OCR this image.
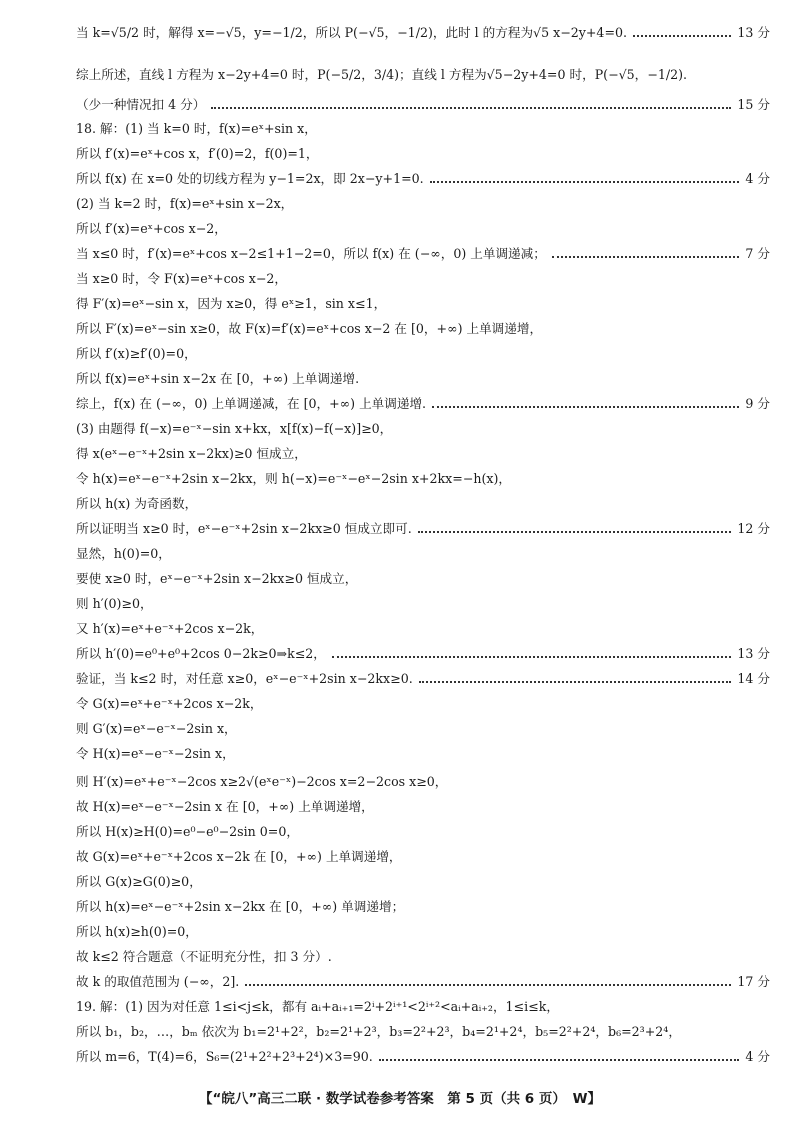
当 k=√5/2 时，解得 x=−√5，y=−1/2，所以 P(−√5，−1/2)，此时 l 的方程为√5 x−2y+4=0.	13 分
综上所述，直线 l 方程为 x−2y+4=0 时，P(−5/2，3/4)；直线 l 方程为√5−2y+4=0 时，P(−√5，−1/2).
（少一种情况扣 4 分）	15 分
18. 解：(1) 当 k=0 时，f(x)=eˣ+sin x，
所以 f′(x)=eˣ+cos x，f′(0)=2，f(0)=1，
所以 f(x) 在 x=0 处的切线方程为 y−1=2x，即 2x−y+1=0.	4 分
(2) 当 k=2 时，f(x)=eˣ+sin x−2x，
所以 f′(x)=eˣ+cos x−2，
当 x≤0 时，f′(x)=eˣ+cos x−2≤1+1−2=0，所以 f(x) 在 (−∞，0) 上单调递减；	7 分
当 x≥0 时，令 F(x)=eˣ+cos x−2，
得 F′(x)=eˣ−sin x，因为 x≥0，得 eˣ≥1，sin x≤1，
所以 F′(x)=eˣ−sin x≥0，故 F(x)=f′(x)=eˣ+cos x−2 在 [0，+∞) 上单调递增，
所以 f′(x)≥f′(0)=0，
所以 f(x)=eˣ+sin x−2x 在 [0，+∞) 上单调递增.
综上，f(x) 在 (−∞，0) 上单调递减，在 [0，+∞) 上单调递增.	9 分
(3) 由题得 f(−x)=e⁻ˣ−sin x+kx，x[f(x)−f(−x)]≥0，
得 x(eˣ−e⁻ˣ+2sin x−2kx)≥0 恒成立，
令 h(x)=eˣ−e⁻ˣ+2sin x−2kx，则 h(−x)=e⁻ˣ−eˣ−2sin x+2kx=−h(x)，
所以 h(x) 为奇函数，
所以证明当 x≥0 时，eˣ−e⁻ˣ+2sin x−2kx≥0 恒成立即可.	12 分
显然，h(0)=0，
要使 x≥0 时，eˣ−e⁻ˣ+2sin x−2kx≥0 恒成立，
则 h′(0)≥0，
又 h′(x)=eˣ+e⁻ˣ+2cos x−2k，
所以 h′(0)=e⁰+e⁰+2cos 0−2k≥0⇒k≤2，	13 分
验证，当 k≤2 时，对任意 x≥0，eˣ−e⁻ˣ+2sin x−2kx≥0.	14 分
令 G(x)=eˣ+e⁻ˣ+2cos x−2k，
则 G′(x)=eˣ−e⁻ˣ−2sin x，
令 H(x)=eˣ−e⁻ˣ−2sin x，
则 H′(x)=eˣ+e⁻ˣ−2cos x≥2√(eˣe⁻ˣ)−2cos x=2−2cos x≥0，
故 H(x)=eˣ−e⁻ˣ−2sin x 在 [0，+∞) 上单调递增，
所以 H(x)≥H(0)=e⁰−e⁰−2sin 0=0，
故 G(x)=eˣ+e⁻ˣ+2cos x−2k 在 [0，+∞) 上单调递增，
所以 G(x)≥G(0)≥0，
所以 h(x)=eˣ−e⁻ˣ+2sin x−2kx 在 [0，+∞) 单调递增；
所以 h(x)≥h(0)=0，
故 k≤2 符合题意（不证明充分性，扣 3 分）.
故 k 的取值范围为 (−∞，2].	17 分
19. 解：(1) 因为对任意 1≤i<j≤k，都有 aᵢ+aᵢ₊₁=2ⁱ+2ⁱ⁺¹<2ⁱ⁺²<aᵢ+aᵢ₊₂，1≤i≤k，
所以 b₁，b₂，…，bₘ 依次为 b₁=2¹+2²，b₂=2¹+2³，b₃=2²+2³，b₄=2¹+2⁴，b₅=2²+2⁴，b₆=2³+2⁴，
所以 m=6，T(4)=6，S₆=(2¹+2²+2³+2⁴)×3=90.	4 分
【“皖八”高三二联 · 数学试卷参考答案　第 5 页（共 6 页）　W】
